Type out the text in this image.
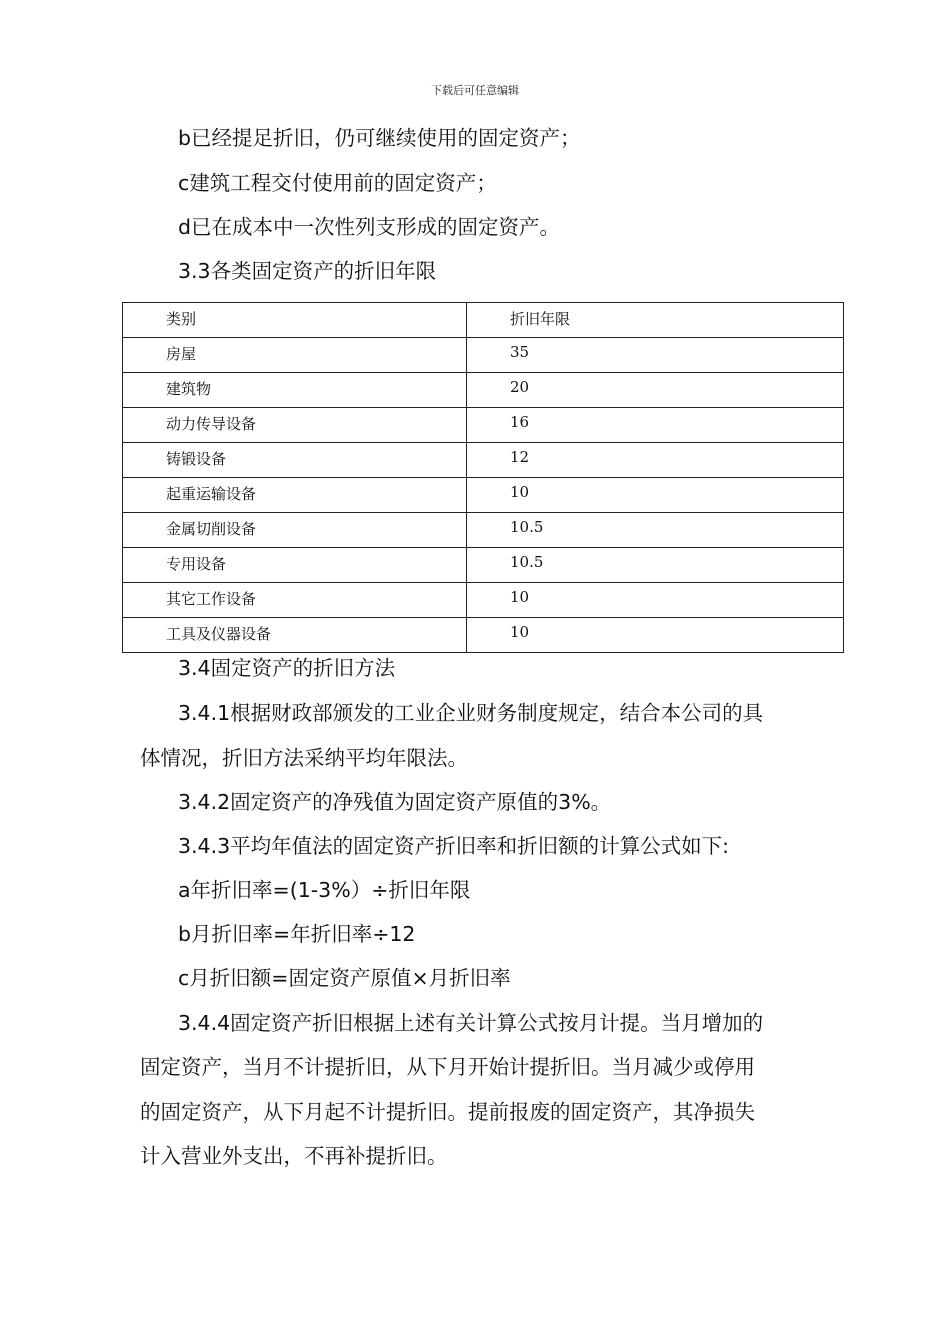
下载后可任意编辑
b已经提足折旧，仍可继续使用的固定资产；
c建筑工程交付使用前的固定资产；
d已在成本中一次性列支形成的固定资产。
3.3各类固定资产的折旧年限
类别	折旧年限

房屋	35

建筑物	20

动力传导设备	16

铸锻设备	12

起重运输设备	10

金属切削设备	10.5

专用设备	10.5

其它工作设备	10

工具及仪器设备	10
3.4固定资产的折旧方法
3.4.1根据财政部颁发的工业企业财务制度规定，结合本公司的具
体情况，折旧方法采纳平均年限法。
3.4.2固定资产的净残值为固定资产原值的3%。
3.4.3平均年值法的固定资产折旧率和折旧额的计算公式如下:
a年折旧率=(1-3%）÷折旧年限
b月折旧率=年折旧率÷12
c月折旧额=固定资产原值×月折旧率
3.4.4固定资产折旧根据上述有关计算公式按月计提。当月增加的
固定资产，当月不计提折旧，从下月开始计提折旧。当月减少或停用
的固定资产，从下月起不计提折旧。提前报废的固定资产，其净损失
计入营业外支出，不再补提折旧。
